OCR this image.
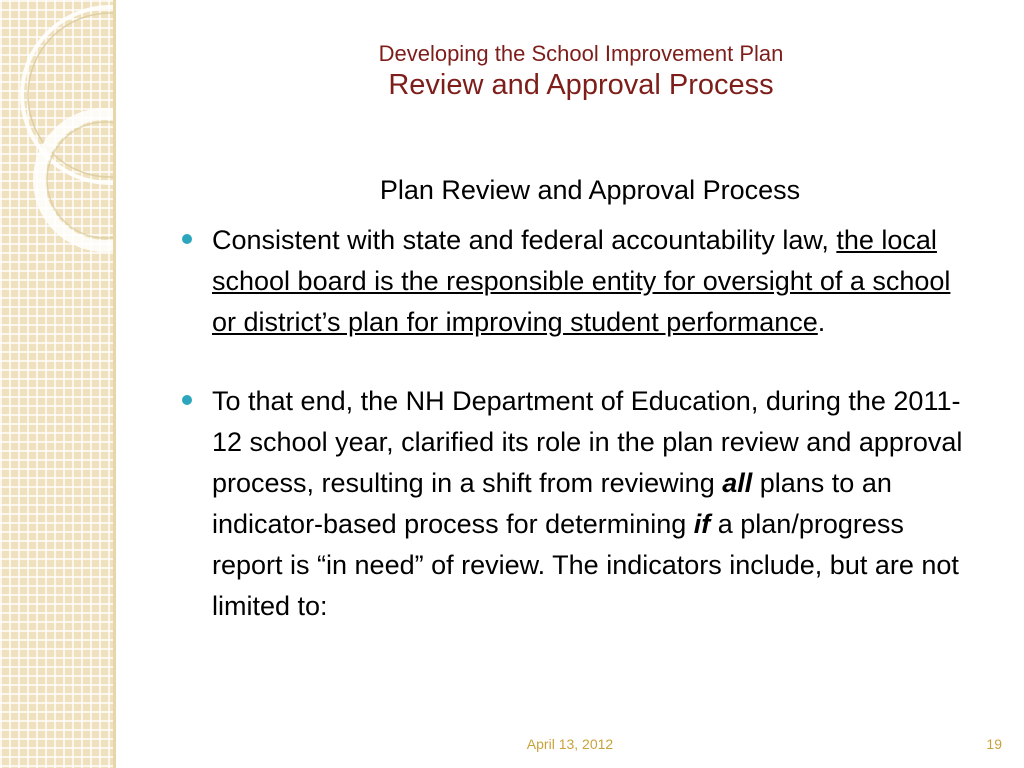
Developing the School Improvement Plan
Review and Approval Process
Plan Review and Approval Process
Consistent with state and federal accountability law, the local school board is the responsible entity for oversight of a school or district’s plan for improving student performance.
To that end, the NH Department of Education, during the 2011-12 school year, clarified its role in the plan review and approval process, resulting in a shift from reviewing all plans to an indicator-based process for determining if a plan/progress report is “in need” of review. The indicators include, but are not limited to:
April 13, 2012	19
